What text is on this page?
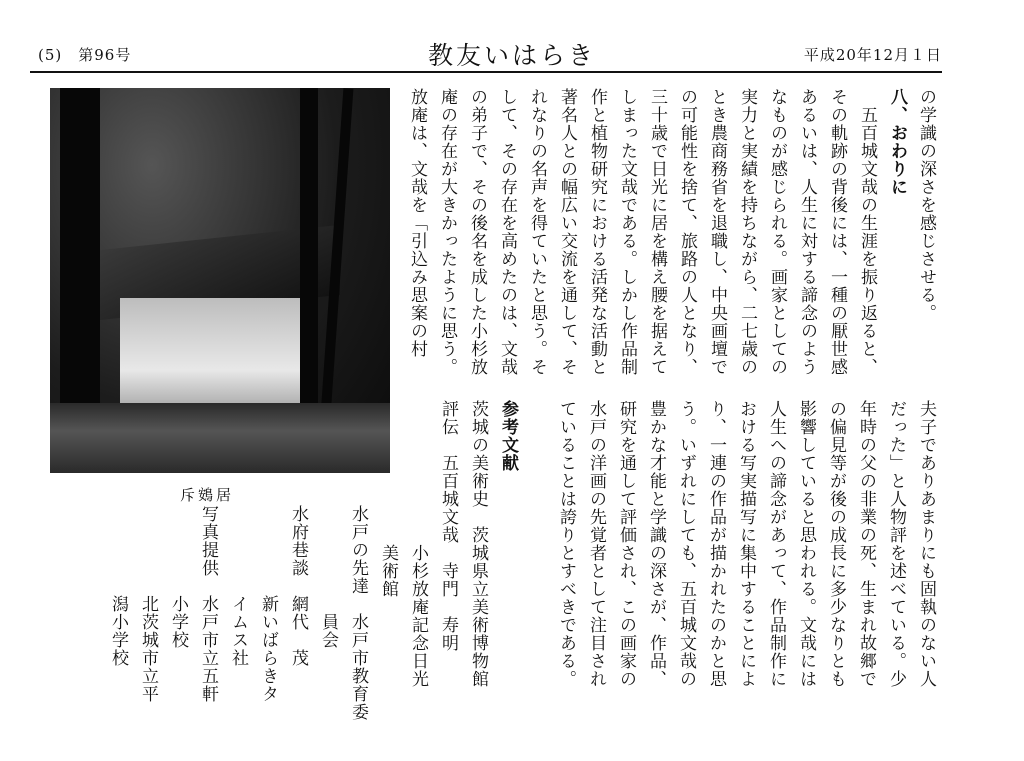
(5)　第96号	教友いはらき	平成20年12月１日
斥鴳居
の学識の深さを感じさせる。
八、おわりに
　五百城文哉の生涯を振り返ると、
その軌跡の背後には、一種の厭世感
あるいは、人生に対する諦念のよう
なものが感じられる。画家としての
実力と実績を持ちながら、二七歳の
とき農商務省を退職し、中央画壇で
の可能性を捨て、旅路の人となり、
三十歳で日光に居を構え腰を据えて
しまった文哉である。しかし作品制
作と植物研究における活発な活動と
著名人との幅広い交流を通して、そ
れなりの名声を得ていたと思う。そ
して、その存在を高めたのは、文哉
の弟子で、その後名を成した小杉放
庵の存在が大きかったように思う。
放庵は、文哉を「引込み思案の村
夫子でありあまりにも固執のない人
だった」と人物評を述べている。少
年時の父の非業の死、生まれ故郷で
の偏見等が後の成長に多少なりとも
影響していると思われる。文哉には
人生への諦念があって、作品制作に
おける写実描写に集中することによ
り、一連の作品が描かれたのかと思
う。いずれにしても、五百城文哉の
豊かな才能と学識の深さが、作品、
研究を通して評価され、この画家の
水戸の洋画の先覚者として注目され
ていることは誇りとすべきである。
参考文献
茨城の美術史　茨城県立美術博物館
評伝　五百城文哉　寺門　寿明
　　　　　　　　小杉放庵記念日光
　　　　　　　　美術館
水戸の先達　水戸市教育委
　　　　　　員会
水府巷談　網代　茂
　　　　　新いばらきタ
　　　　　イムス社
写真提供　水戸市立五軒
　　　　　小学校
　　　　　北茨城市立平
　　　　　潟小学校
